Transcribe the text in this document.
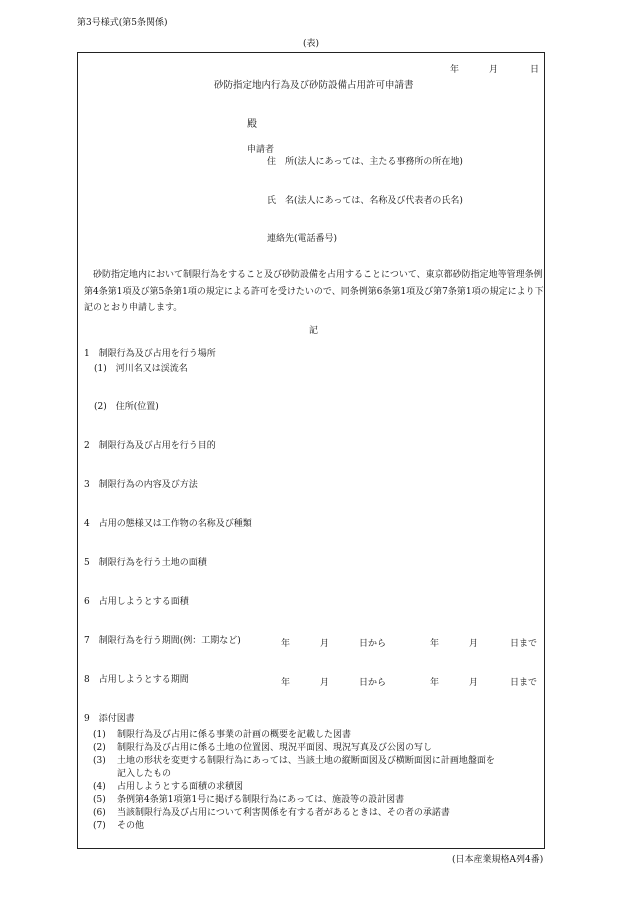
第3号様式(第5条関係)
(表)
年	月	日
砂防指定地内行為及び砂防設備占用許可申請書
殿
申請者
住　所(法人にあっては、主たる事務所の所在地)
氏　名(法人にあっては、名称及び代表者の氏名)
連絡先(電話番号)
砂防指定地内において制限行為をすること及び砂防設備を占用することについて、東京都砂防指定地等管理条例第4条第1項及び第5条第1項の規定による許可を受けたいので、同条例第6条第1項及び第7条第1項の規定により下記のとおり申請します。
記
1　制限行為及び占用を行う場所
(1)　河川名又は渓流名
(2)　住所(位置)
2　制限行為及び占用を行う目的
3　制限行為の内容及び方法
4　占用の態様又は工作物の名称及び種類
5　制限行為を行う土地の面積
6　占用しようとする面積
7　制限行為を行う期間(例：工期など)	年	月	日から	年	月	日まで
8　占用しようとする期間	年	月	日から	年	月	日まで
9　添付図書
(1) 制限行為及び占用に係る事業の計画の概要を記載した図書
(2) 制限行為及び占用に係る土地の位置図、現況平面図、現況写真及び公図の写し
(3) 土地の形状を変更する制限行為にあっては、当該土地の縦断面図及び横断面図に計画地盤面を
記入したもの
(4) 占用しようとする面積の求積図
(5) 条例第4条第1項第1号に掲げる制限行為にあっては、施設等の設計図書
(6) 当該制限行為及び占用について利害関係を有する者があるときは、その者の承諾書
(7) その他
(日本産業規格A列4番)
